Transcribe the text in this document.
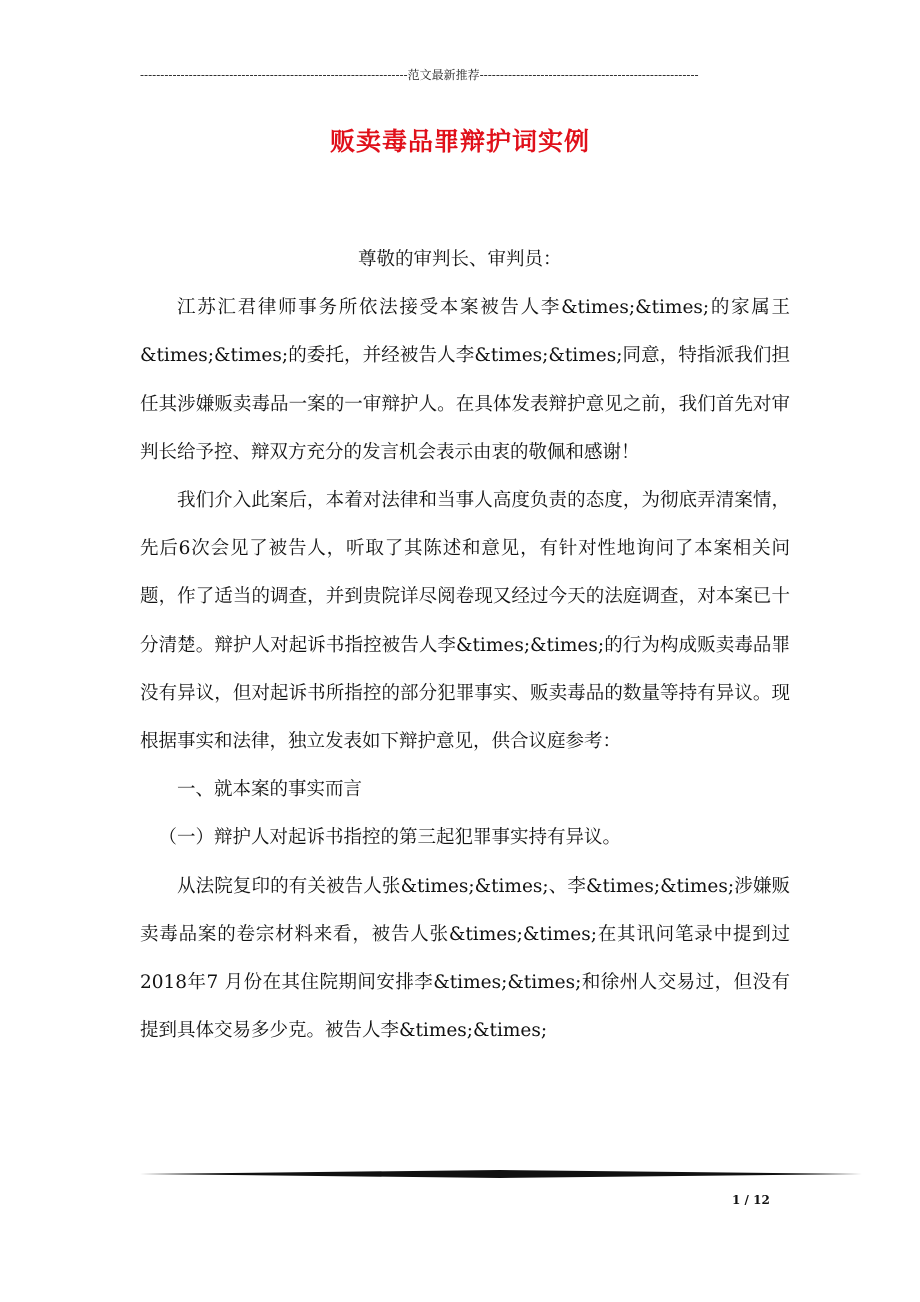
------------------------------------------------------------------范文最新推荐------------------------------------------------------
贩卖毒品罪辩护词实例

尊敬的审判长、审判员：

江苏汇君律师事务所依法接受本案被告人李&times;&times;的家属王&times;&times;的委托，并经被告人李&times;&times;同意，特指派我们担任其涉嫌贩卖毒品一案的一审辩护人。在具体发表辩护意见之前，我们首先对审判长给予控、辩双方充分的发言机会表示由衷的敬佩和感谢！

我们介入此案后，本着对法律和当事人高度负责的态度，为彻底弄清案情，先后6次会见了被告人，听取了其陈述和意见，有针对性地询问了本案相关问题，作了适当的调查，并到贵院详尽阅卷现又经过今天的法庭调查，对本案已十分清楚。辩护人对起诉书指控被告人李&times;&times;的行为构成贩卖毒品罪没有异议，但对起诉书所指控的部分犯罪事实、贩卖毒品的数量等持有异议。现根据事实和法律，独立发表如下辩护意见，供合议庭参考：

一、就本案的事实而言

（一）辩护人对起诉书指控的第三起犯罪事实持有异议。

从法院复印的有关被告人张&times;&times;、李&times;&times;涉嫌贩卖毒品案的卷宗材料来看，被告人张&times;&times;在其讯问笔录中提到过2018年7 月份在其住院期间安排李&times;&times;和徐州人交易过，但没有提到具体交易多少克。被告人李&times;&times;

1 / 12
